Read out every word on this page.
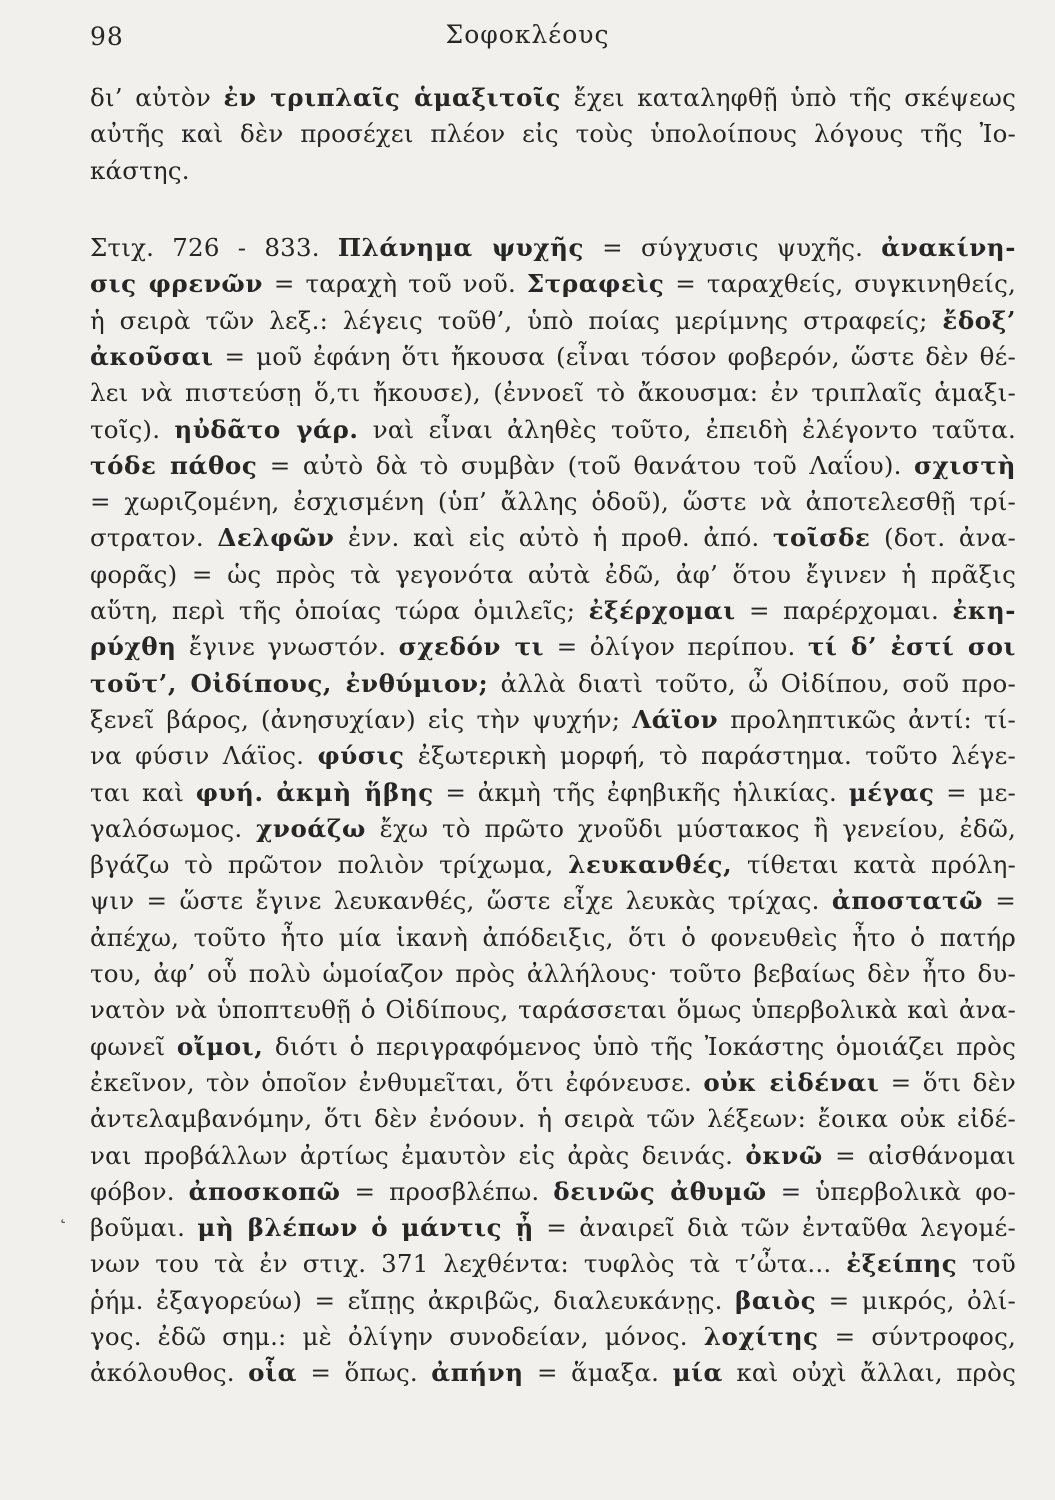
98	Σοφοκλέους
δι’ αὐτὸν ἐν τριπλαῖς ἁμαξιτοῖς ἔχει καταληφθῇ ὑπὸ τῆς σκέψεως
αὐτῆς καὶ δὲν προσέχει πλέον εἰς τοὺς ὑπολοίπους λόγους τῆς Ἰο-
κάστης.
Στιχ. 726 - 833. Πλάνημα ψυχῆς = σύγχυσις ψυχῆς. ἀνακίνη-
σις φρενῶν = ταραχὴ τοῦ νοῦ. Στραφεὶς = ταραχθείς, συγκινηθείς,
ἡ σειρὰ τῶν λεξ.: λέγεις τοῦθ’, ὑπὸ ποίας μερίμνης στραφείς; ἔδοξ’
ἀκοῦσαι = μοῦ ἐφάνη ὅτι ἤκουσα (εἶναι τόσον φοβερόν, ὥστε δὲν θέ-
λει νὰ πιστεύσῃ ὅ,τι ἤκουσε), (ἐννοεῖ τὸ ἄκουσμα: ἐν τριπλαῖς ἁμαξι-
τοῖς). ηὐδᾶτο γάρ. ναὶ εἶναι ἀληθὲς τοῦτο, ἐπειδὴ ἐλέγοντο ταῦτα.
τόδε πάθος = αὐτὸ δὰ τὸ συμβὰν (τοῦ θανάτου τοῦ Λαΐου). σχιστὴ
= χωριζομένη, ἐσχισμένη (ὑπ’ ἄλλης ὁδοῦ), ὥστε νὰ ἀποτελεσθῇ τρί-
στρατον. Δελφῶν ἐνν. καὶ εἰς αὐτὸ ἡ προθ. ἀπό. τοῖσδε (δοτ. ἀνα-
φορᾶς) = ὡς πρὸς τὰ γεγονότα αὐτὰ ἐδῶ, ἀφ’ ὅτου ἔγινεν ἡ πρᾶξις
αὕτη, περὶ τῆς ὁποίας τώρα ὁμιλεῖς; ἐξέρχομαι = παρέρχομαι. ἐκη-
ρύχθη ἔγινε γνωστόν. σχεδόν τι = ὀλίγον περίπου. τί δ’ ἐστί σοι
τοῦτ’, Οἰδίπους, ἐνθύμιον; ἀλλὰ διατὶ τοῦτο, ὦ Οἰδίπου, σοῦ προ-
ξενεῖ βάρος, (ἀνησυχίαν) εἰς τὴν ψυχήν; Λάϊον προληπτικῶς ἀντί: τί-
να φύσιν Λάϊος. φύσις ἐξωτερικὴ μορφή, τὸ παράστημα. τοῦτο λέγε-
ται καὶ φυή. ἀκμὴ ἥβης = ἀκμὴ τῆς ἐφηβικῆς ἡλικίας. μέγας = με-
γαλόσωμος. χνοάζω ἔχω τὸ πρῶτο χνοῦδι μύστακος ἢ γενείου, ἐδῶ,
βγάζω τὸ πρῶτον πολιὸν τρίχωμα, λευκανθές, τίθεται κατὰ πρόλη-
ψιν = ὥστε ἔγινε λευκανθές, ὥστε εἶχε λευκὰς τρίχας. ἀποστατῶ =
ἀπέχω, τοῦτο ἦτο μία ἱκανὴ ἀπόδειξις, ὅτι ὁ φονευθεὶς ἦτο ὁ πατήρ
του, ἀφ’ οὗ πολὺ ὡμοίαζον πρὸς ἀλλήλους· τοῦτο βεβαίως δὲν ἦτο δυ-
νατὸν νὰ ὑποπτευθῇ ὁ Οἰδίπους, ταράσσεται ὅμως ὑπερβολικὰ καὶ ἀνα-
φωνεῖ οἴμοι, διότι ὁ περιγραφόμενος ὑπὸ τῆς Ἰοκάστης ὁμοιάζει πρὸς
ἐκεῖνον, τὸν ὁποῖον ἐνθυμεῖται, ὅτι ἐφόνευσε. οὐκ εἰδέναι = ὅτι δὲν
ἀντελαμβανόμην, ὅτι δὲν ἐνόουν. ἡ σειρὰ τῶν λέξεων: ἔοικα οὐκ εἰδέ-
ναι προβάλλων ἀρτίως ἐμαυτὸν εἰς ἀρὰς δεινάς. ὀκνῶ = αἰσθάνομαι
φόβον. ἀποσκοπῶ = προσβλέπω. δεινῶς ἀθυμῶ = ὑπερβολικὰ φο-
βοῦμαι. μὴ βλέπων ὁ μάντις ᾖ = ἀναιρεῖ διὰ τῶν ἐνταῦθα λεγομέ-
νων του τὰ ἐν στιχ. 371 λεχθέντα: τυφλὸς τὰ τ’ὦτα... ἐξείπης τοῦ
ῥήμ. ἐξαγορεύω) = εἴπῃς ἀκριβῶς, διαλευκάνῃς. βαιὸς = μικρός, ὀλί-
γος. ἐδῶ σημ.: μὲ ὀλίγην συνοδείαν, μόνος. λοχίτης = σύντροφος,
ἀκόλουθος. οἷα = ὅπως. ἀπήνη = ἅμαξα. μία καὶ οὐχὶ ἄλλαι, πρὸς
˛
